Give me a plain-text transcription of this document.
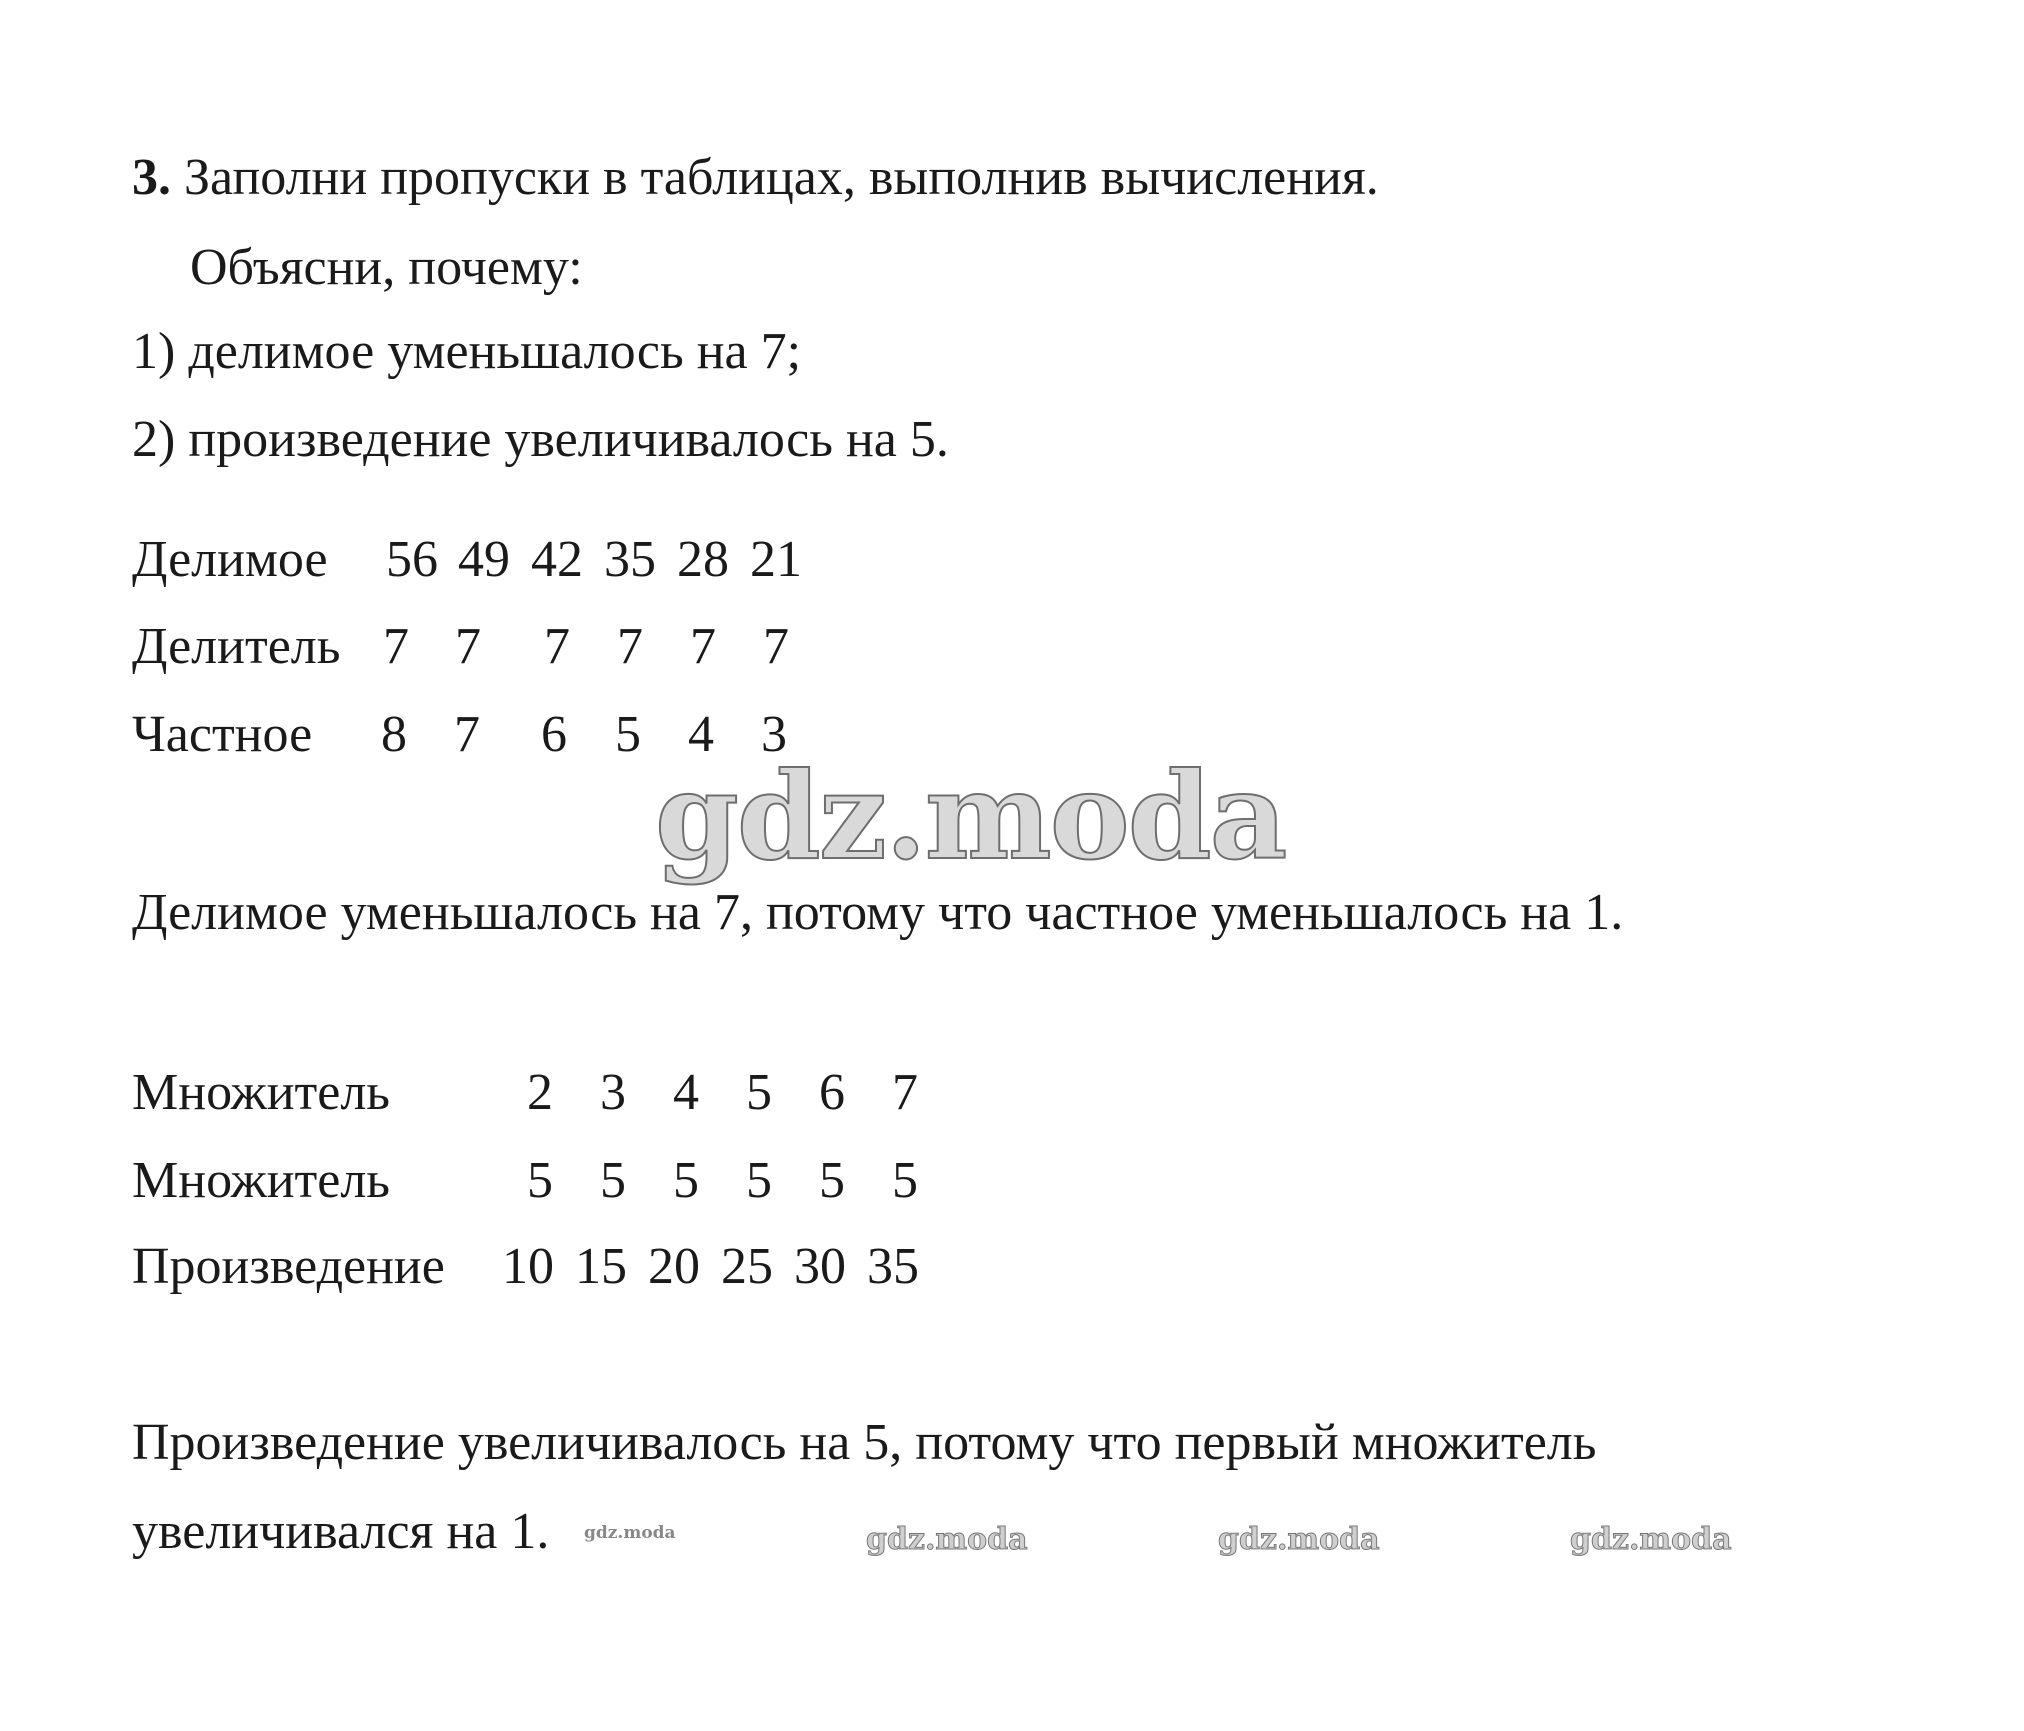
3. Заполни пропуски в таблицах, выполнив вычисления.
Объясни, почему:
1) делимое уменьшалось на 7;
2) произведение увеличивалось на 5.
Делимое 56 49 42 35 28 21
Делитель 7 7	7 7 7 7
Частное	8 7	6 5 4 3
gdz.moda
Делимое уменьшалось на 7, потому что частное уменьшалось на 1.
Множитель	2 3 4 5 6 7
Множитель	5 5 5 5 5 5
Произведение 10 15 20 25 30 35
Произведение увеличивалось на 5, потому что первый множитель
увеличивался на 1. gdz.moda	gdz.moda	gdz.moda	gdz.moda
